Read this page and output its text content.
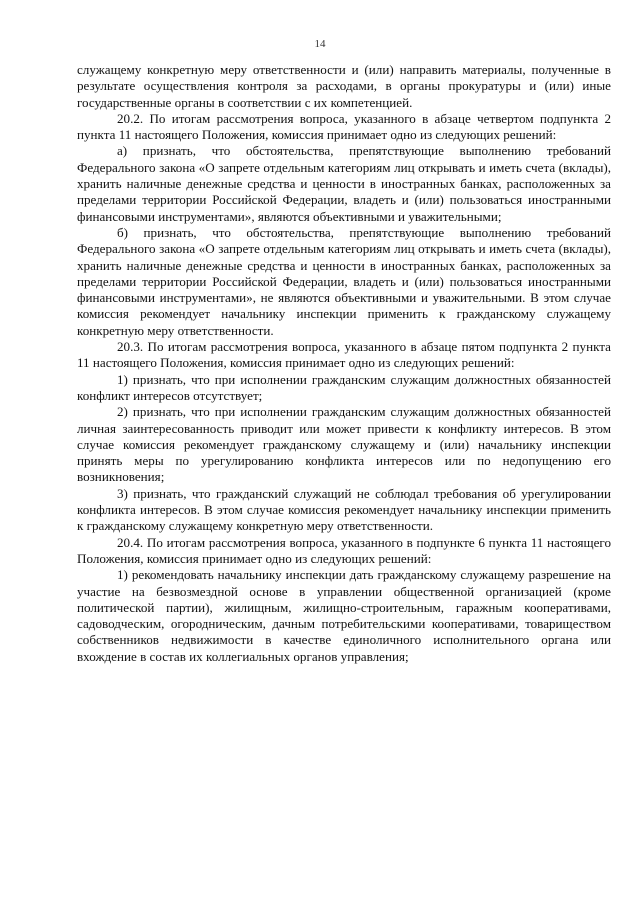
14

служащему конкретную меру ответственности и (или) направить материалы, полученные в результате осуществления контроля за расходами, в органы прокуратуры и (или) иные государственные органы в соответствии с их компетенцией.

20.2. По итогам рассмотрения вопроса, указанного в абзаце четвертом подпункта 2 пункта 11 настоящего Положения, комиссия принимает одно из следующих решений:

а) признать, что обстоятельства, препятствующие выполнению требований Федерального закона «О запрете отдельным категориям лиц открывать и иметь счета (вклады), хранить наличные денежные средства и ценности в иностранных банках, расположенных за пределами территории Российской Федерации, владеть и (или) пользоваться иностранными финансовыми инструментами», являются объективными и уважительными;

б) признать, что обстоятельства, препятствующие выполнению требований Федерального закона «О запрете отдельным категориям лиц открывать и иметь счета (вклады), хранить наличные денежные средства и ценности в иностранных банках, расположенных за пределами территории Российской Федерации, владеть и (или) пользоваться иностранными финансовыми инструментами», не являются объективными и уважительными. В этом случае комиссия рекомендует начальнику инспекции применить к гражданскому служащему конкретную меру ответственности.

20.3. По итогам рассмотрения вопроса, указанного в абзаце пятом подпункта 2 пункта 11 настоящего Положения, комиссия принимает одно из следующих решений:

1) признать, что при исполнении гражданским служащим должностных обязанностей конфликт интересов отсутствует;

2) признать, что при исполнении гражданским служащим должностных обязанностей личная заинтересованность приводит или может привести к конфликту интересов. В этом случае комиссия рекомендует гражданскому служащему и (или) начальнику инспекции принять меры по урегулированию конфликта интересов или по недопущению его возникновения;

3) признать, что гражданский служащий не соблюдал требования об урегулировании конфликта интересов. В этом случае комиссия рекомендует начальнику инспекции применить к гражданскому служащему конкретную меру ответственности.

20.4. По итогам рассмотрения вопроса, указанного в подпункте 6 пункта 11 настоящего Положения, комиссия принимает одно из следующих решений:

1) рекомендовать начальнику инспекции дать гражданскому служащему разрешение на участие на безвозмездной основе в управлении общественной организацией (кроме политической партии), жилищным, жилищно-строительным, гаражным кооперативами, садоводческим, огородническим, дачным потребительскими кооперативами, товариществом собственников недвижимости в качестве единоличного исполнительного органа или вхождение в состав их коллегиальных органов управления;
